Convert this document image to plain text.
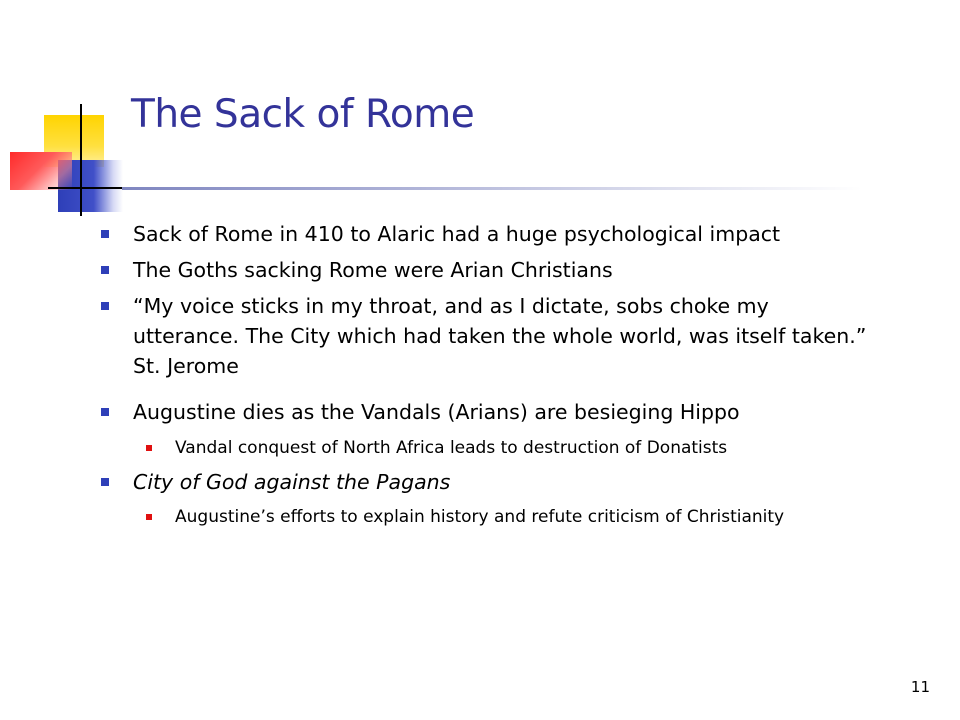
The Sack of Rome
Sack of Rome in 410 to Alaric had a huge psychological impact
The Goths sacking Rome were Arian Christians
“My voice sticks in my throat, and as I dictate, sobs choke my utterance. The City which had taken the whole world, was itself taken.” St. Jerome
Augustine dies as the Vandals (Arians) are besieging Hippo
Vandal conquest of North Africa leads to destruction of Donatists
City of God against the Pagans
Augustine’s efforts to explain history and refute criticism of Christianity
11
